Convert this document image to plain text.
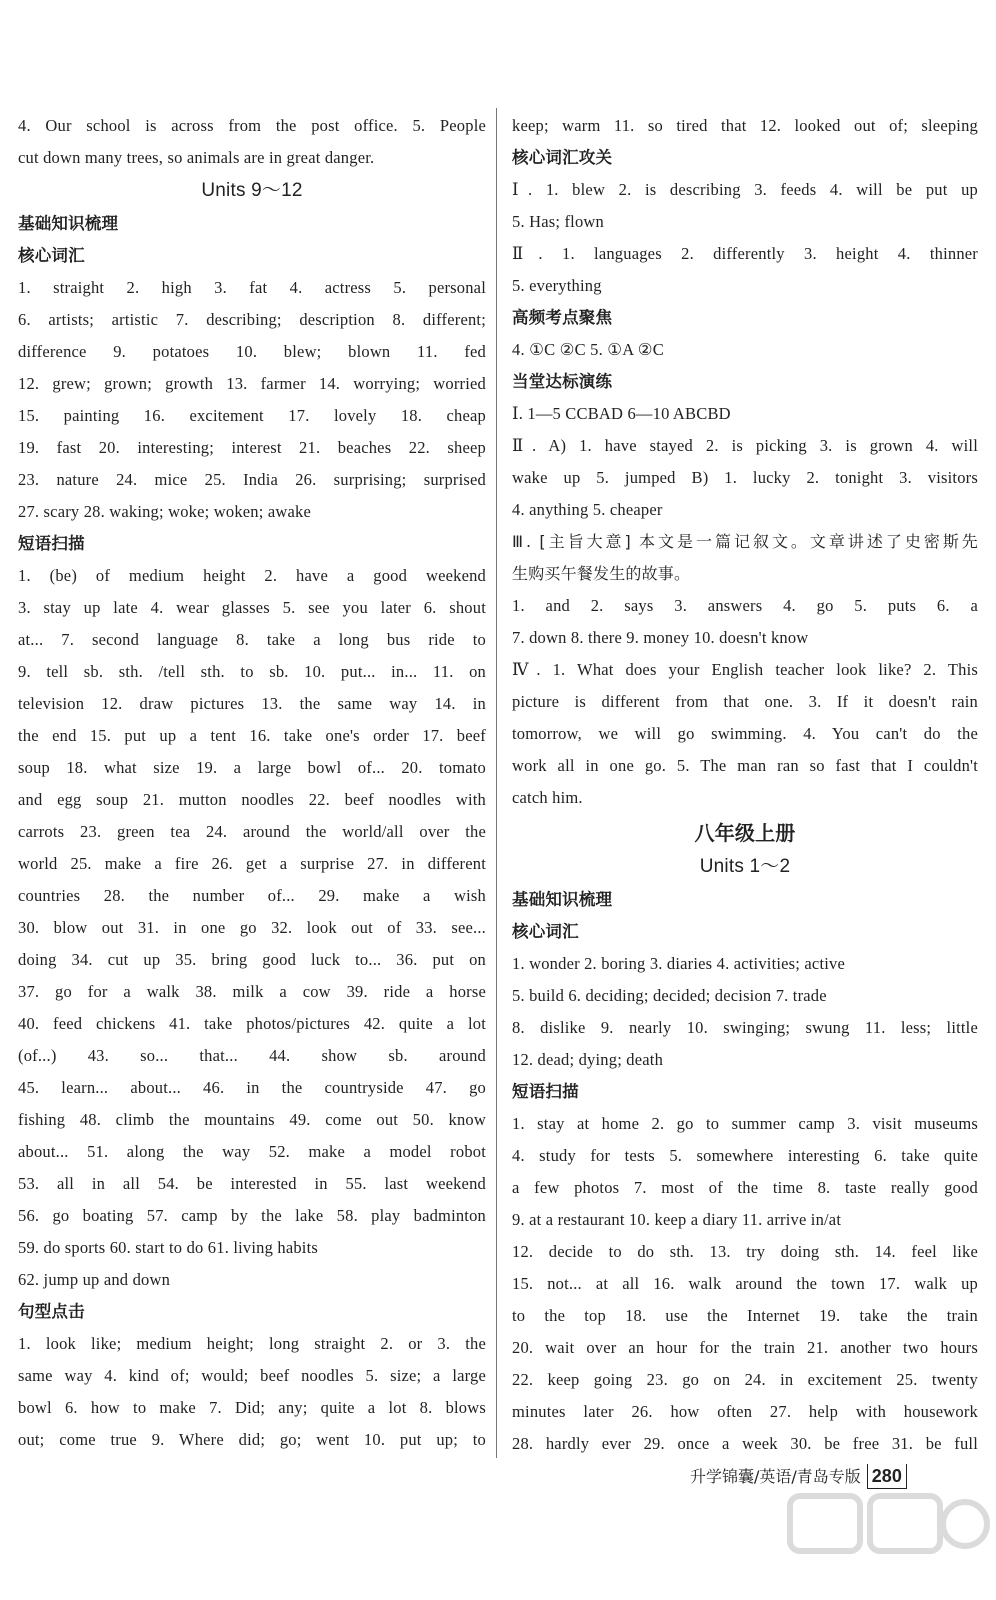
4. Our school is across from the post office. 5. People
cut down many trees, so animals are in great danger.
Units 9～12
基础知识梳理
核心词汇
1. straight 2. high 3. fat 4. actress 5. personal
6. artists; artistic 7. describing; description 8. different;
difference 9. potatoes 10. blew; blown 11. fed
12. grew; grown; growth 13. farmer 14. worrying; worried
15. painting 16. excitement 17. lovely 18. cheap
19. fast 20. interesting; interest 21. beaches 22. sheep
23. nature 24. mice 25. India 26. surprising; surprised
27. scary 28. waking; woke; woken; awake
短语扫描
1. (be) of medium height 2. have a good weekend
3. stay up late 4. wear glasses 5. see you later 6. shout
at... 7. second language 8. take a long bus ride to
9. tell sb. sth. /tell sth. to sb. 10. put... in... 11. on
television 12. draw pictures 13. the same way 14. in
the end 15. put up a tent 16. take one's order 17. beef
soup 18. what size 19. a large bowl of... 20. tomato
and egg soup 21. mutton noodles 22. beef noodles with
carrots 23. green tea 24. around the world/all over the
world 25. make a fire 26. get a surprise 27. in different
countries 28. the number of... 29. make a wish
30. blow out 31. in one go 32. look out of 33. see...
doing 34. cut up 35. bring good luck to... 36. put on
37. go for a walk 38. milk a cow 39. ride a horse
40. feed chickens 41. take photos/pictures 42. quite a lot
(of...) 43. so... that... 44. show sb. around
45. learn... about... 46. in the countryside 47. go
fishing 48. climb the mountains 49. come out 50. know
about... 51. along the way 52. make a model robot
53. all in all 54. be interested in 55. last weekend
56. go boating 57. camp by the lake 58. play badminton
59. do sports 60. start to do 61. living habits
62. jump up and down
句型点击
1. look like; medium height; long straight 2. or 3. the
same way 4. kind of; would; beef noodles 5. size; a large
bowl 6. how to make 7. Did; any; quite a lot 8. blows
out; come true 9. Where did; go; went 10. put up; to
keep; warm 11. so tired that 12. looked out of; sleeping
核心词汇攻关
Ⅰ. 1. blew 2. is describing 3. feeds 4. will be put up
5. Has; flown
Ⅱ. 1. languages 2. differently 3. height 4. thinner
5. everything
高频考点聚焦
4. ①C ②C 5. ①A ②C
当堂达标演练
Ⅰ. 1—5 CCBAD 6—10 ABCBD
Ⅱ. A) 1. have stayed 2. is picking 3. is grown 4. will
wake up 5. jumped B) 1. lucky 2. tonight 3. visitors
4. anything 5. cheaper
Ⅲ. [主旨大意] 本文是一篇记叙文。文章讲述了史密斯先
生购买午餐发生的故事。
1. and 2. says 3. answers 4. go 5. puts 6. a
7. down 8. there 9. money 10. doesn't know
Ⅳ. 1. What does your English teacher look like? 2. This
picture is different from that one. 3. If it doesn't rain
tomorrow, we will go swimming. 4. You can't do the
work all in one go. 5. The man ran so fast that I couldn't
catch him.
八年级上册
Units 1～2
基础知识梳理
核心词汇
1. wonder 2. boring 3. diaries 4. activities; active
5. build 6. deciding; decided; decision 7. trade
8. dislike 9. nearly 10. swinging; swung 11. less; little
12. dead; dying; death
短语扫描
1. stay at home 2. go to summer camp 3. visit museums
4. study for tests 5. somewhere interesting 6. take quite
a few photos 7. most of the time 8. taste really good
9. at a restaurant 10. keep a diary 11. arrive in/at
12. decide to do sth. 13. try doing sth. 14. feel like
15. not... at all 16. walk around the town 17. walk up
to the top 18. use the Internet 19. take the train
20. wait over an hour for the train 21. another two hours
22. keep going 23. go on 24. in excitement 25. twenty
minutes later 26. how often 27. help with housework
28. hardly ever 29. once a week 30. be free 31. be full
升学锦囊/英语/青岛专版 280
